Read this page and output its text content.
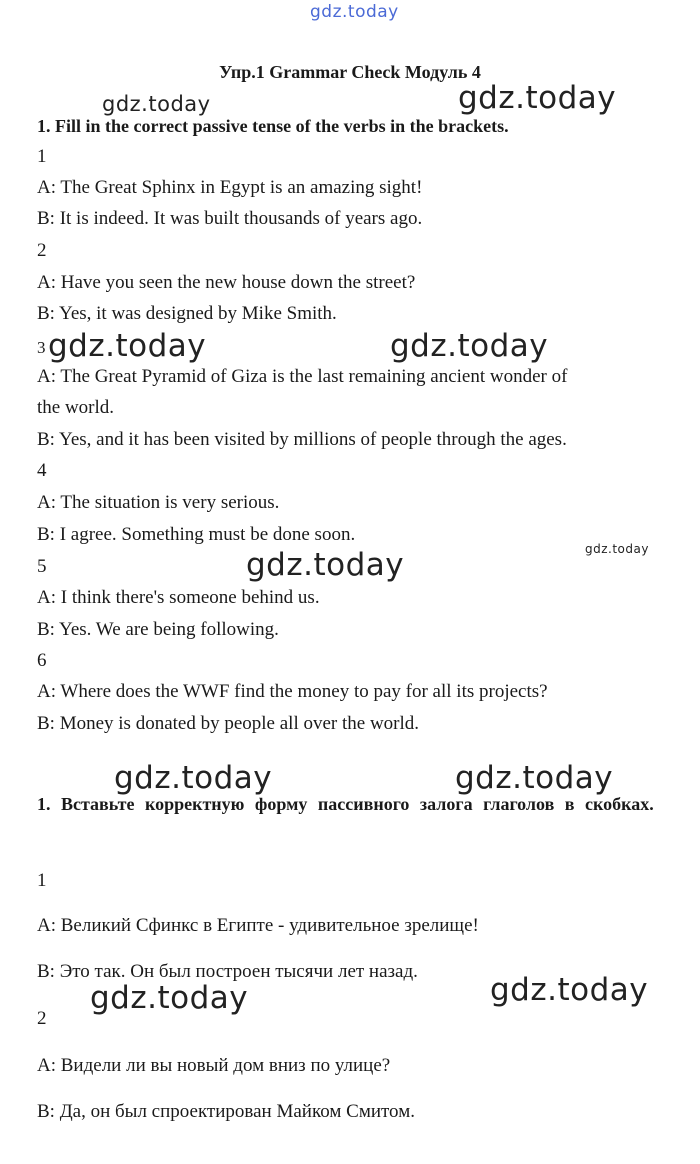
gdz.today
Упр.1 Grammar Check Модуль 4
gdz.today	gdz.today
1. Fill in the correct passive tense of the verbs in the brackets.
1
A: The Great Sphinx in Egypt is an amazing sight!
B: It is indeed. It was built thousands of years ago.
2
A: Have you seen the new house down the street?
B: Yes, it was designed by Mike Smith.
3 gdz.today	gdz.today
A: The Great Pyramid of Giza is the last remaining ancient wonder of
the world.
B: Yes, and it has been visited by millions of people through the ages.
4
A: The situation is very serious.
B: I agree. Something must be done soon.
gdz.today
5	gdz.today
A: I think there's someone behind us.
B: Yes. We are being following.
6
A: Where does the WWF find the money to pay for all its projects?
B: Money is donated by people all over the world.
gdz.today	gdz.today
1. Вставьте корректную форму пассивного залога глаголов в скобках.
1
A: Великий Сфинкс в Египте - удивительное зрелище!
B: Это так. Он был построен тысячи лет назад.
gdz.today	gdz.today
2
A: Видели ли вы новый дом вниз по улице?
B: Да, он был спроектирован Майком Смитом.
